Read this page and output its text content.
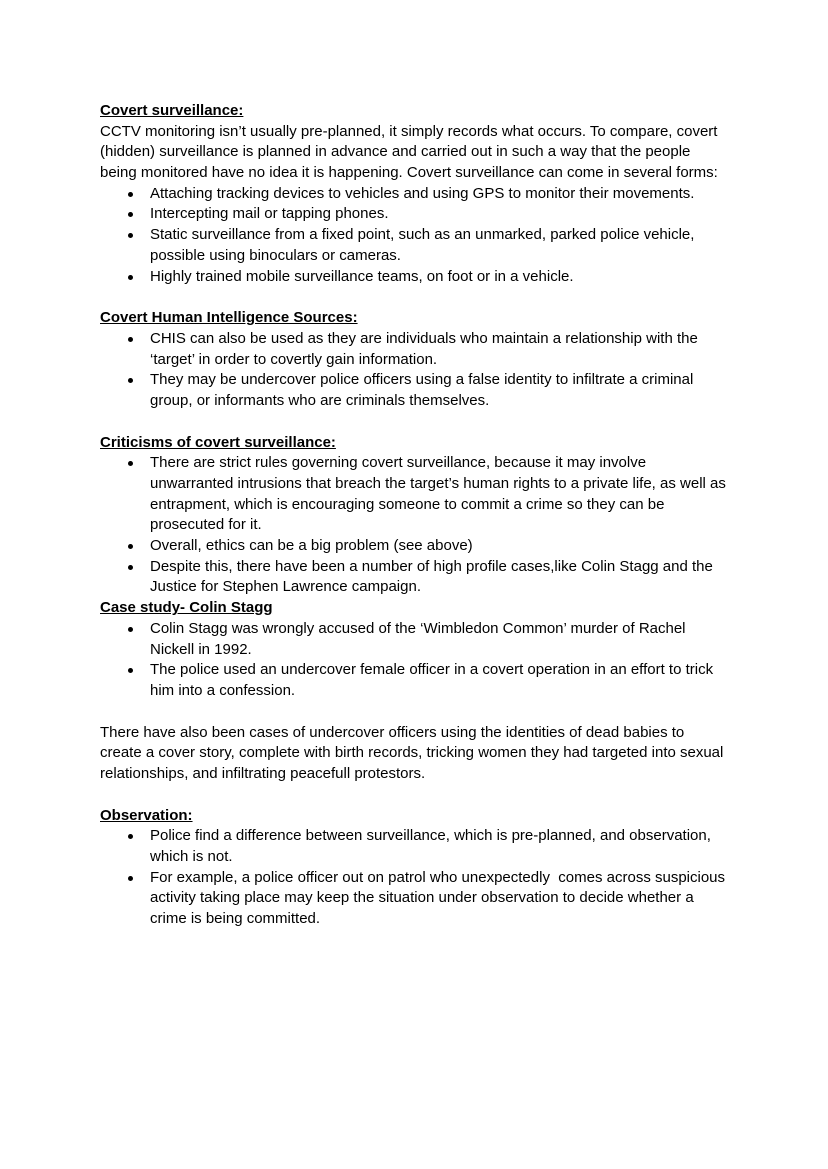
Covert surveillance:
CCTV monitoring isn’t usually pre-planned, it simply records what occurs. To compare, covert (hidden) surveillance is planned in advance and carried out in such a way that the people being monitored have no idea it is happening. Covert surveillance can come in several forms:
Attaching tracking devices to vehicles and using GPS to monitor their movements.
Intercepting mail or tapping phones.
Static surveillance from a fixed point, such as an unmarked, parked police vehicle, possible using binoculars or cameras.
Highly trained mobile surveillance teams, on foot or in a vehicle.
Covert Human Intelligence Sources:
CHIS can also be used as they are individuals who maintain a relationship with the ‘target’ in order to covertly gain information.
They may be undercover police officers using a false identity to infiltrate a criminal group, or informants who are criminals themselves.
Criticisms of covert surveillance:
There are strict rules governing covert surveillance, because it may involve unwarranted intrusions that breach the target’s human rights to a private life, as well as entrapment, which is encouraging someone to commit a crime so they can be prosecuted for it.
Overall, ethics can be a big problem (see above)
Despite this, there have been a number of high profile cases,like Colin Stagg and the Justice for Stephen Lawrence campaign.
Case study- Colin Stagg
Colin Stagg was wrongly accused of the ‘Wimbledon Common’ murder of Rachel Nickell in 1992.
The police used an undercover female officer in a covert operation in an effort to trick him into a confession.
There have also been cases of undercover officers using the identities of dead babies to create a cover story, complete with birth records, tricking women they had targeted into sexual relationships, and infiltrating peacefull protestors.
Observation:
Police find a difference between surveillance, which is pre-planned, and observation, which is not.
For example, a police officer out on patrol who unexpectedly  comes across suspicious activity taking place may keep the situation under observation to decide whether a crime is being committed.
